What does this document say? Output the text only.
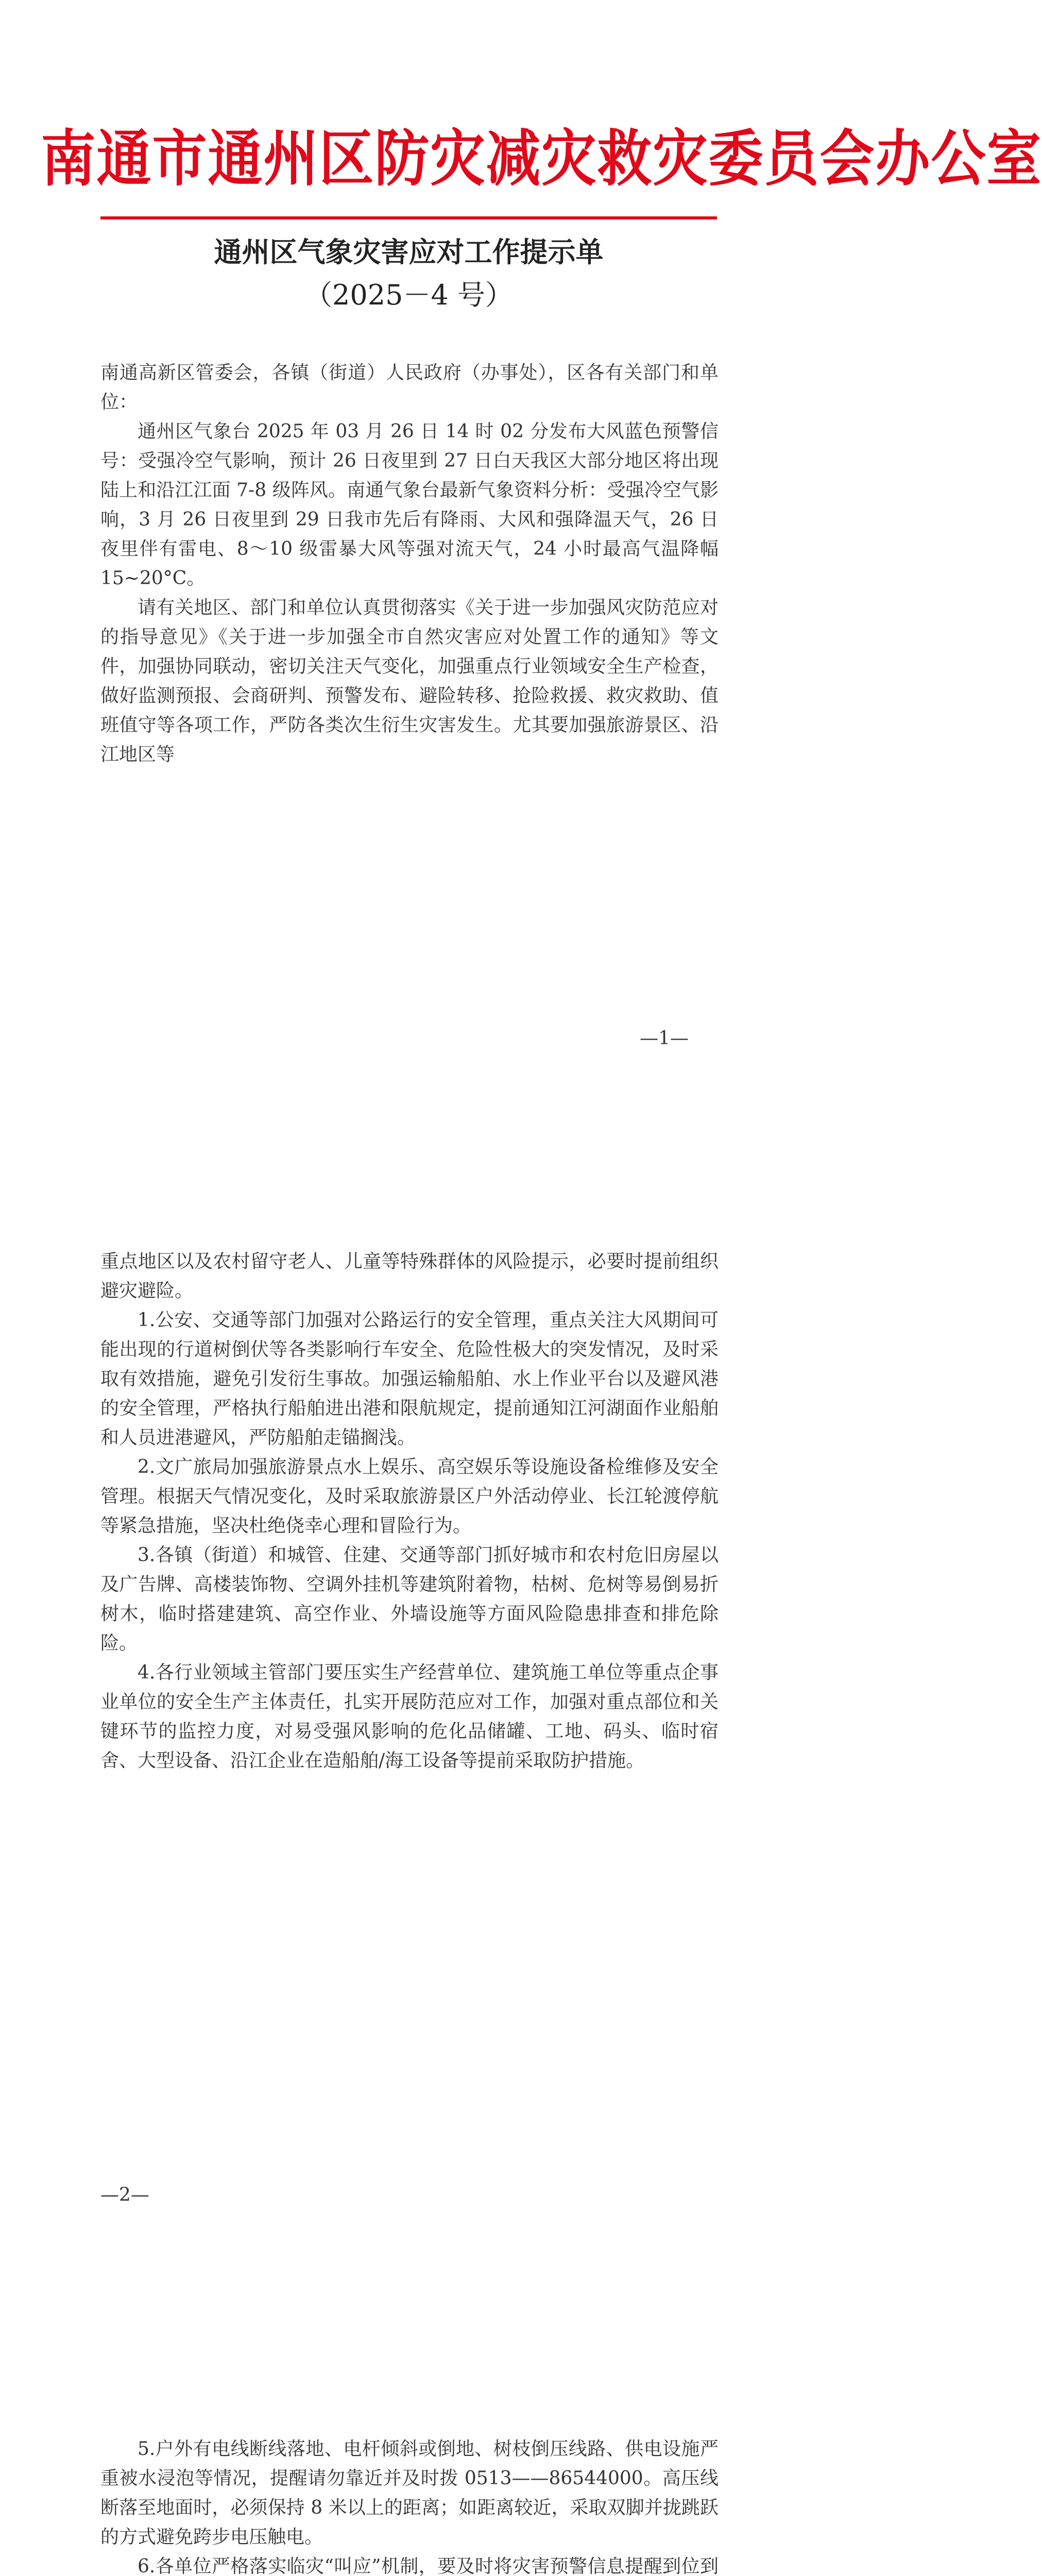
南通市通州区防灾减灾救灾委员会办公室
通州区气象灾害应对工作提示单
（2025－4 号）

南通高新区管委会，各镇（街道）人民政府（办事处），区各有关部门和单位：

通州区气象台 2025 年 03 月 26 日 14 时 02 分发布大风蓝色预警信号：受强冷空气影响，预计 26 日夜里到 27 日白天我区大部分地区将出现陆上和沿江江面 7-8 级阵风。南通气象台最新气象资料分析：受强冷空气影响，3 月 26 日夜里到 29 日我市先后有降雨、大风和强降温天气，26 日夜里伴有雷电、8～10 级雷暴大风等强对流天气，24 小时最高气温降幅 15~20°C。

请有关地区、部门和单位认真贯彻落实《关于进一步加强风灾防范应对的指导意见》《关于进一步加强全市自然灾害应对处置工作的通知》等文件，加强协同联动，密切关注天气变化，加强重点行业领域安全生产检查，做好监测预报、会商研判、预警发布、避险转移、抢险救援、救灾救助、值班值守等各项工作，严防各类次生衍生灾害发生。尤其要加强旅游景区、沿江地区等

—1—

重点地区以及农村留守老人、儿童等特殊群体的风险提示，必要时提前组织避灾避险。

1.公安、交通等部门加强对公路运行的安全管理，重点关注大风期间可能出现的行道树倒伏等各类影响行车安全、危险性极大的突发情况，及时采取有效措施，避免引发衍生事故。加强运输船舶、水上作业平台以及避风港的安全管理，严格执行船舶进出港和限航规定，提前通知江河湖面作业船舶和人员进港避风，严防船舶走锚搁浅。

2.文广旅局加强旅游景点水上娱乐、高空娱乐等设施设备检维修及安全管理。根据天气情况变化，及时采取旅游景区户外活动停业、长江轮渡停航等紧急措施，坚决杜绝侥幸心理和冒险行为。

3.各镇（街道）和城管、住建、交通等部门抓好城市和农村危旧房屋以及广告牌、高楼装饰物、空调外挂机等建筑附着物，枯树、危树等易倒易折树木，临时搭建建筑、高空作业、外墙设施等方面风险隐患排查和排危除险。

4.各行业领域主管部门要压实生产经营单位、建筑施工单位等重点企事业单位的安全生产主体责任，扎实开展防范应对工作，加强对重点部位和关键环节的监控力度，对易受强风影响的危化品储罐、工地、码头、临时宿舍、大型设备、沿江企业在造船舶/海工设备等提前采取防护措施。

—2—

5.户外有电线断线落地、电杆倾斜或倒地、树枝倒压线路、供电设施严重被水浸泡等情况，提醒请勿靠近并及时拨 0513——86544000。高压线断落至地面时，必须保持 8 米以上的距离；如距离较近，采取双脚并拢跳跃的方式避免跨步电压触电。

6.各单位严格落实临灾“叫应”机制，要及时将灾害预警信息提醒到位到
